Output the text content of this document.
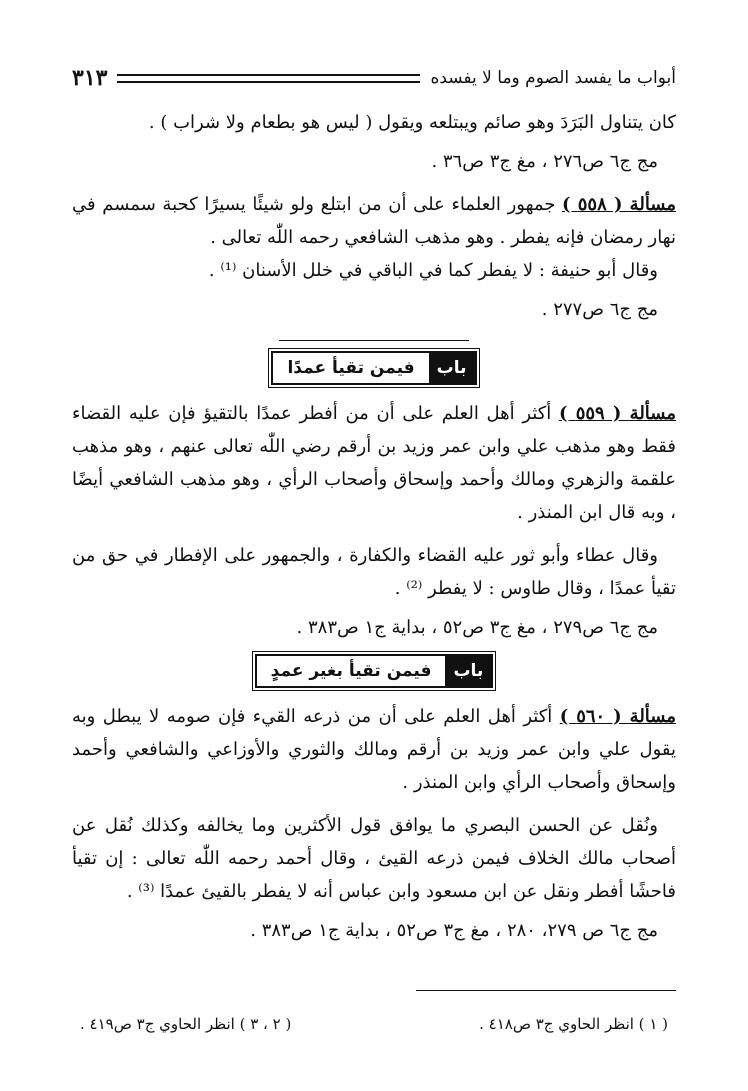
أبواب ما يفسد الصوم وما لا يفسده
٣١٣

كان يتناول البَرَدَ وهو صائم ويبتلعه ويقول ( ليس هو بطعام ولا شراب ) .

مج ج٦ ص٢٧٦ ، مغ ج٣ ص٣٦ .

مسألة ( ٥٥٨ ) جمهور العلماء على أن من ابتلع ولو شيئًا يسيرًا كحبة سمسم في نهار رمضان فإنه يفطر . وهو مذهب الشافعي رحمه اللّٰه تعالى .

وقال أبو حنيفة : لا يفطر كما في الباقي في خلل الأسنان ⁽¹⁾ .

مج ج٦ ص٢٧٧ .

باب
فيمن تقيأ عمدًا

مسألة ( ٥٥٩ ) أكثر أهل العلم على أن من أفطر عمدًا بالتقيؤ فإن عليه القضاء فقط وهو مذهب علي وابن عمر وزيد بن أرقم رضي اللّٰه تعالى عنهم ، وهو مذهب علقمة والزهري ومالك وأحمد وإسحاق وأصحاب الرأي ، وهو مذهب الشافعي أيضًا ، وبه قال ابن المنذر .

وقال عطاء وأبو ثور عليه القضاء والكفارة ، والجمهور على الإفطار في حق من تقيأ عمدًا ، وقال طاوس : لا يفطر ⁽²⁾ .

مج ج٦ ص٢٧٩ ، مغ ج٣ ص٥٢ ، بداية ج١ ص٣٨٣ .

باب
فيمن تقيأ بغير عمدٍ

مسألة ( ٥٦٠ ) أكثر أهل العلم على أن من ذرعه القيء فإن صومه لا يبطل وبه يقول علي وابن عمر وزيد بن أرقم ومالك والثوري والأوزاعي والشافعي وأحمد وإسحاق وأصحاب الرأي وابن المنذر .

ونُقل عن الحسن البصري ما يوافق قول الأكثرين وما يخالفه وكذلك نُقل عن أصحاب مالك الخلاف فيمن ذرعه القيئ ، وقال أحمد رحمه اللّٰه تعالى : إن تقيأ فاحشًا أفطر ونقل عن ابن مسعود وابن عباس أنه لا يفطر بالقيئ عمدًا ⁽³⁾ .

مج ج٦ ص ٢٧٩، ٢٨٠ ، مغ ج٣ ص٥٢ ، بداية ج١ ص٣٨٣ .

( ١ ) انظر الحاوي ج٣ ص٤١٨ .
( ٢ ، ٣ ) انظر الحاوي ج٣ ص٤١٩ .
